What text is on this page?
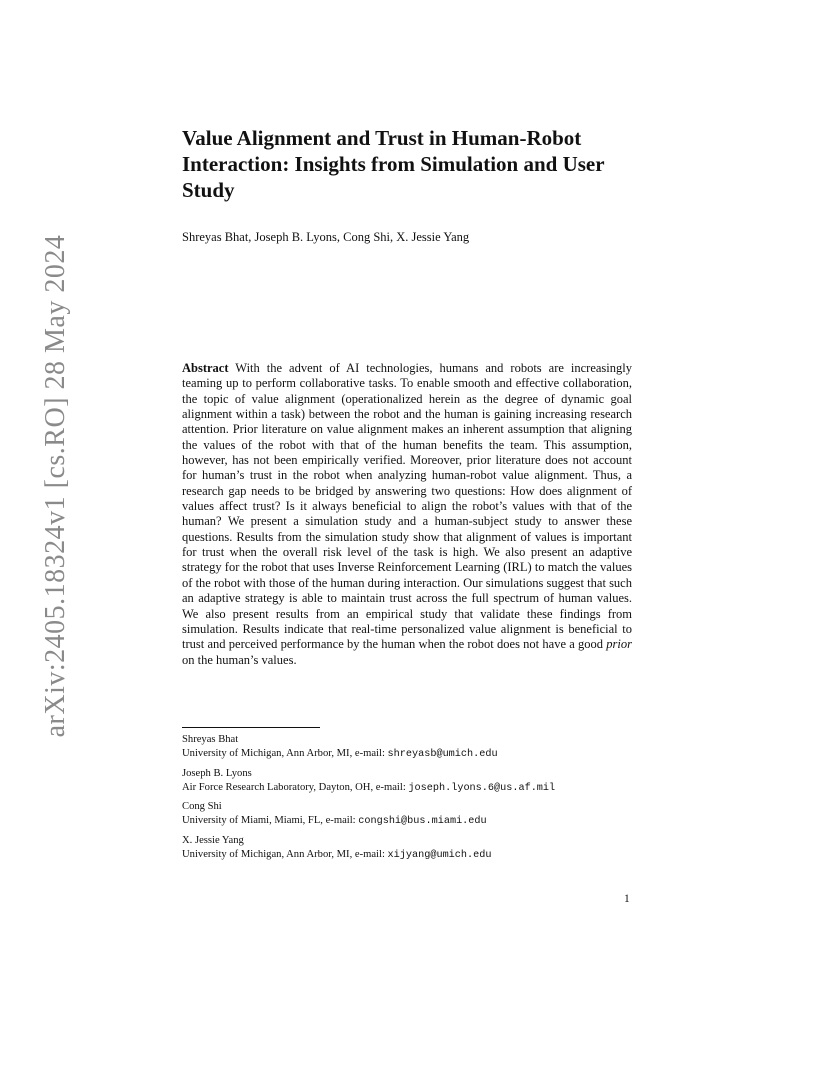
arXiv:2405.18324v1 [cs.RO] 28 May 2024
Value Alignment and Trust in Human-Robot Interaction: Insights from Simulation and User Study
Shreyas Bhat, Joseph B. Lyons, Cong Shi, X. Jessie Yang
Abstract With the advent of AI technologies, humans and robots are increasingly teaming up to perform collaborative tasks. To enable smooth and effective collaboration, the topic of value alignment (operationalized herein as the degree of dynamic goal alignment within a task) between the robot and the human is gaining increasing research attention. Prior literature on value alignment makes an inherent assumption that aligning the values of the robot with that of the human benefits the team. This assumption, however, has not been empirically verified. Moreover, prior literature does not account for human’s trust in the robot when analyzing human-robot value alignment. Thus, a research gap needs to be bridged by answering two questions: How does alignment of values affect trust? Is it always beneficial to align the robot’s values with that of the human? We present a simulation study and a human-subject study to answer these questions. Results from the simulation study show that alignment of values is important for trust when the overall risk level of the task is high. We also present an adaptive strategy for the robot that uses Inverse Reinforcement Learning (IRL) to match the values of the robot with those of the human during interaction. Our simulations suggest that such an adaptive strategy is able to maintain trust across the full spectrum of human values. We also present results from an empirical study that validate these findings from simulation. Results indicate that real-time personalized value alignment is beneficial to trust and perceived performance by the human when the robot does not have a good prior on the human’s values.
Shreyas Bhat
University of Michigan, Ann Arbor, MI, e-mail: shreyasb@umich.edu
Joseph B. Lyons
Air Force Research Laboratory, Dayton, OH, e-mail: joseph.lyons.6@us.af.mil
Cong Shi
University of Miami, Miami, FL, e-mail: congshi@bus.miami.edu
X. Jessie Yang
University of Michigan, Ann Arbor, MI, e-mail: xijyang@umich.edu
1
